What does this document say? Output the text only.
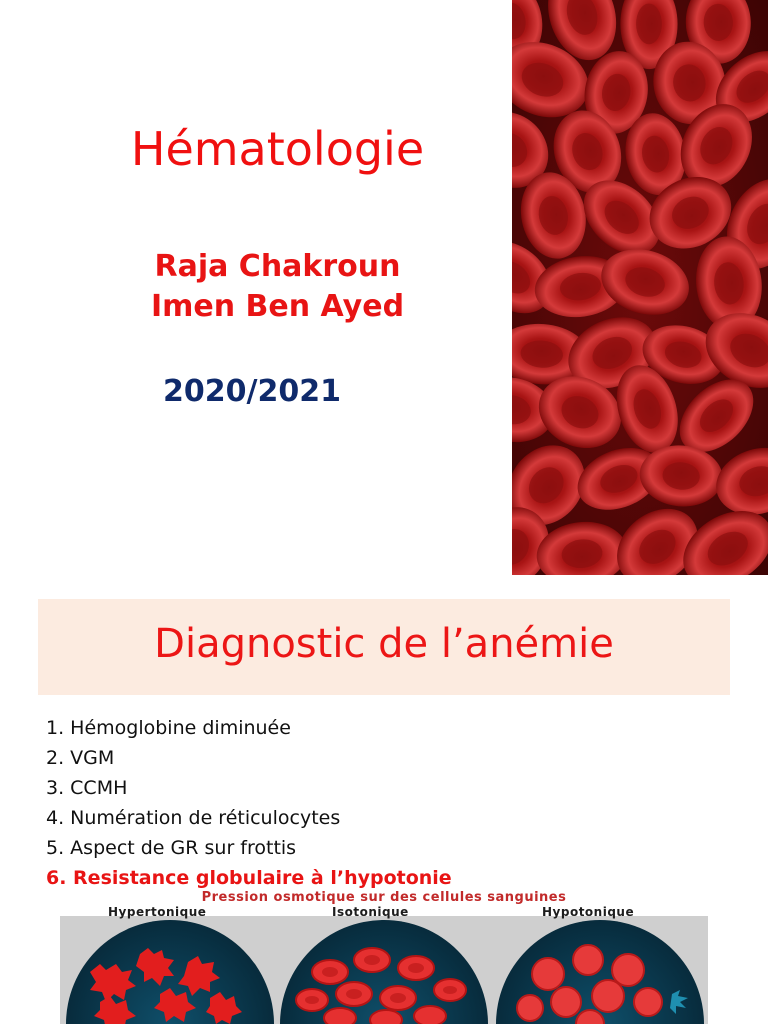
Hématologie
Raja Chakroun
Imen Ben Ayed
2020/2021
Diagnostic de l’anémie
1. Hémoglobine diminuée
2. VGM
3. CCMH
4. Numération de réticulocytes
5. Aspect de GR sur frottis
6. Resistance globulaire à l’hypotonie
Pression osmotique sur des cellules sanguines
Hypertonique	Isotonique	Hypotonique
